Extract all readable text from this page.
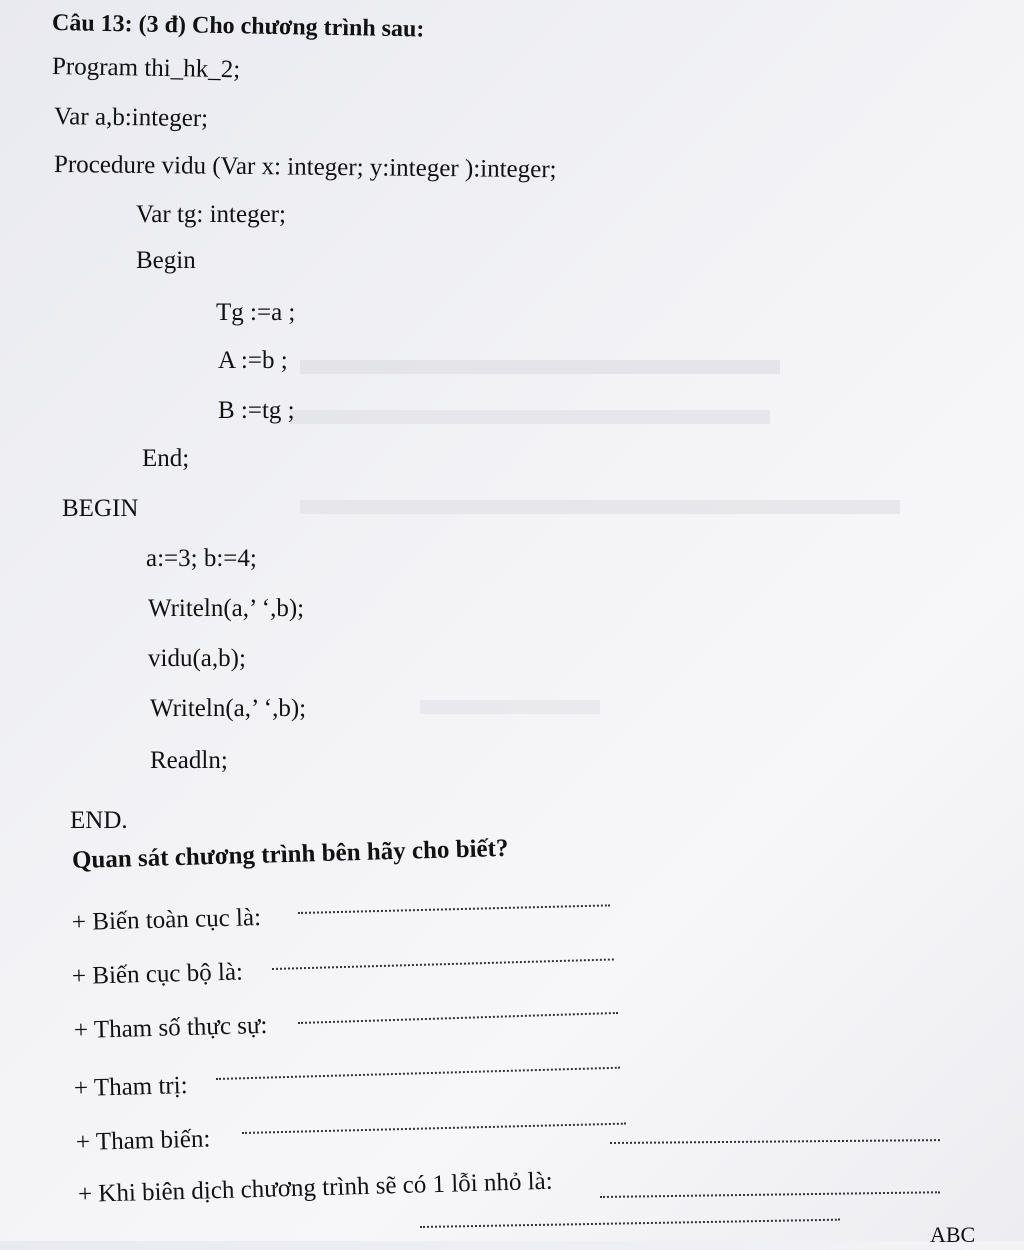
Câu 13: (3 đ) Cho chương trình sau:
Program thi_hk_2;
Var a,b:integer;
Procedure vidu (Var x: integer; y:integer ):integer;
Var tg: integer;
Begin
Tg :=a ;
A :=b ;
B :=tg ;
End;
BEGIN
a:=3; b:=4;
Writeln(a,’ ‘,b);
vidu(a,b);
Writeln(a,’ ‘,b);
Readln;
END.
Quan sát chương trình bên hãy cho biết?
+ Biến toàn cục là:
+ Biến cục bộ là:
+ Tham số thực sự:
+ Tham trị:
+ Tham biến:
+ Khi biên dịch chương trình sẽ có 1 lỗi nhỏ là:
ABC
